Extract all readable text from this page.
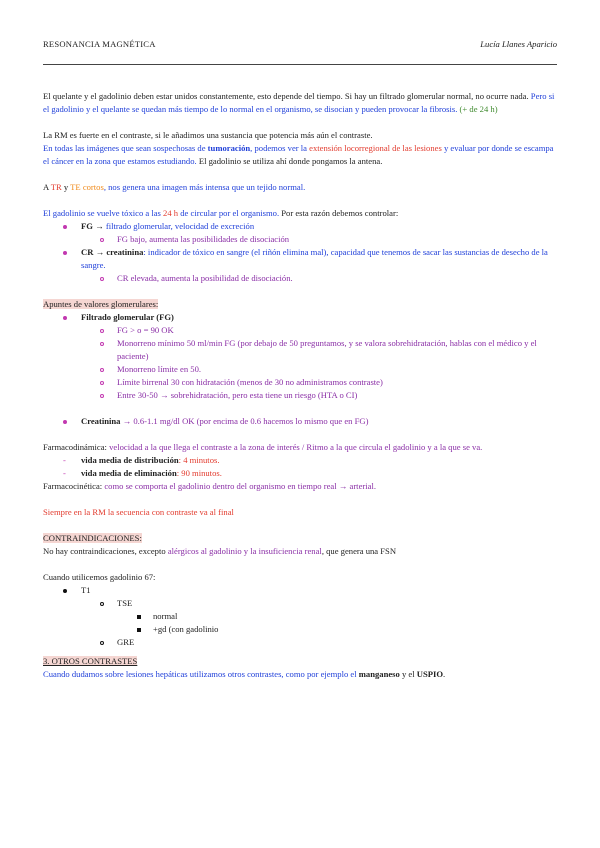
RESONANCIA MAGNÉTICA	Lucía Llanes Aparicio

El quelante y el gadolinio deben estar unidos constantemente, esto depende del tiempo. Si hay un filtrado glomerular normal, no ocurre nada. Pero si el gadolinio y el quelante se quedan más tiempo de lo normal en el organismo, se disocian y pueden provocar la fibrosis. (+ de 24 h)

La RM es fuerte en el contraste, si le añadimos una sustancia que potencia más aún el contraste.

En todas las imágenes que sean sospechosas de tumoración, podemos ver la extensión locorregional de las lesiones y evaluar por donde se escampa el cáncer en la zona que estamos estudiando. El gadolinio se utiliza ahí donde pongamos la antena.

A TR y TE cortos, nos genera una imagen más intensa que un tejido normal.

El gadolinio se vuelve tóxico a las 24 h de circular por el organismo. Por esta razón debemos controlar:

FG → filtrado glomerular, velocidad de excreción
FG bajo, aumenta las posibilidades de disociación
CR → creatinina: indicador de tóxico en sangre (el riñón elimina mal), capacidad que tenemos de sacar las sustancias de desecho de la sangre.
CR elevada, aumenta la posibilidad de disociación.

Apuntes de valores glomerulares:

Filtrado glomerular (FG)
FG > o = 90 OK
Monorreno mínimo 50 ml/min FG (por debajo de 50 preguntamos, y se valora sobrehidratación, hablas con el médico y el paciente)
Monorreno límite en 50.
Límite birrenal 30 con hidratación (menos de 30 no administramos contraste)
Entre 30-50 → sobrehidratación, pero esta tiene un riesgo (HTA o CI)
Creatinina → 0.6-1.1 mg/dl OK (por encima de 0.6 hacemos lo mismo que en FG)

Farmacodinámica: velocidad a la que llega el contraste a la zona de interés / Ritmo a la que circula el gadolinio y a la que se va.

- vida media de distribución: 4 minutos.
- vida media de eliminación: 90 minutos.

Farmacocinética: como se comporta el gadolinio dentro del organismo en tiempo real → arterial.

Siempre en la RM la secuencia con contraste va al final

CONTRAINDICACIONES:

No hay contraindicaciones, excepto alérgicos al gadolinio y la insuficiencia renal, que genera una FSN

Cuando utilicemos gadolinio 67:

T1
TSE
normal
+gd (con gadolinio
GRE

3. OTROS CONTRASTES

Cuando dudamos sobre lesiones hepáticas utilizamos otros contrastes, como por ejemplo el manganeso y el USPIO.
